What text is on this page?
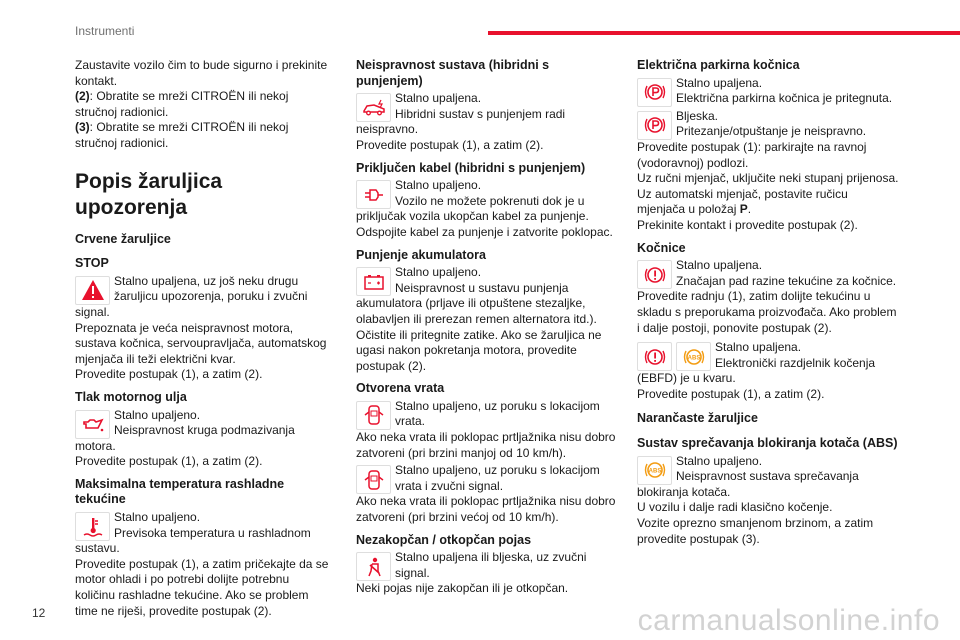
Instrumenti
Zaustavite vozilo čim to bude sigurno i prekinite kontakt.
(2): Obratite se mreži CITROËN ili nekoj stručnoj radionici.
(3): Obratite se mreži CITROËN ili nekoj stručnoj radionici.
Popis žaruljica upozorenja
Crvene žaruljice
STOP
Stalno upaljena, uz još neku drugu žaruljicu upozorenja, poruku i zvučni signal.
Prepoznata je veća neispravnost motora, sustava kočnica, servoupravljača, automatskog mjenjača ili teži električni kvar.
Provedite postupak (1), a zatim (2).
Tlak motornog ulja
Stalno upaljeno.
Neispravnost kruga podmazivanja motora.
Provedite postupak (1), a zatim (2).
Maksimalna temperatura rashladne tekućine
Stalno upaljeno.
Previsoka temperatura u rashladnom sustavu.
Provedite postupak (1), a zatim pričekajte da se motor ohladi i po potrebi dolijte potrebnu količinu rashladne tekućine. Ako se problem time ne riješi, provedite postupak (2).
Neispravnost sustava (hibridni s punjenjem)
Stalno upaljena.
Hibridni sustav s punjenjem radi neispravno.
Provedite postupak (1), a zatim (2).
Priključen kabel (hibridni s punjenjem)
Stalno upaljeno.
Vozilo ne možete pokrenuti dok je u priključak vozila ukopčan kabel za punjenje.
Odspojite kabel za punjenje i zatvorite poklopac.
Punjenje akumulatora
Stalno upaljeno.
Neispravnost u sustavu punjenja akumulatora (prljave ili otpuštene stezaljke, olabavljen ili prerezan remen alternatora itd.).
Očistite ili pritegnite zatike. Ako se žaruljica ne ugasi nakon pokretanja motora, provedite postupak (2).
Otvorena vrata
Stalno upaljeno, uz poruku s lokacijom vrata.
Ako neka vrata ili poklopac prtljažnika nisu dobro zatvoreni (pri brzini manjoj od 10 km/h).
Stalno upaljeno, uz poruku s lokacijom vrata i zvučni signal.
Ako neka vrata ili poklopac prtljažnika nisu dobro zatvoreni (pri brzini većoj od 10 km/h).
Nezakopčan / otkopčan pojas
Stalno upaljena ili bljeska, uz zvučni signal.
Neki pojas nije zakopčan ili je otkopčan.
Električna parkirna kočnica
Stalno upaljena.
Električna parkirna kočnica je pritegnuta.
Bljeska.
Pritezanje/otpuštanje je neispravno.
Provedite postupak (1): parkirajte na ravnoj (vodoravnoj) podlozi.
Uz ručni mjenjač, uključite neki stupanj prijenosa.
Uz automatski mjenjač, postavite ručicu mjenjača u položaj P.
Prekinite kontakt i provedite postupak (2).
Kočnice
Stalno upaljena.
Značajan pad razine tekućine za kočnice.
Provedite radnju (1), zatim dolijte tekućinu u skladu s preporukama proizvođača. Ako problem i dalje postoji, ponovite postupak (2).
ABS
Stalno upaljena.
Elektronički razdjelnik kočenja (EBFD) je u kvaru.
Provedite postupak (1), a zatim (2).
Narančaste žaruljice
Sustav sprečavanja blokiranja kotača (ABS)
ABS
Stalno upaljeno.
Neispravnost sustava sprečavanja blokiranja kotača.
U vozilu i dalje radi klasično kočenje.
Vozite oprezno smanjenom brzinom, a zatim provedite postupak (3).
12	carmanualsonline.info
